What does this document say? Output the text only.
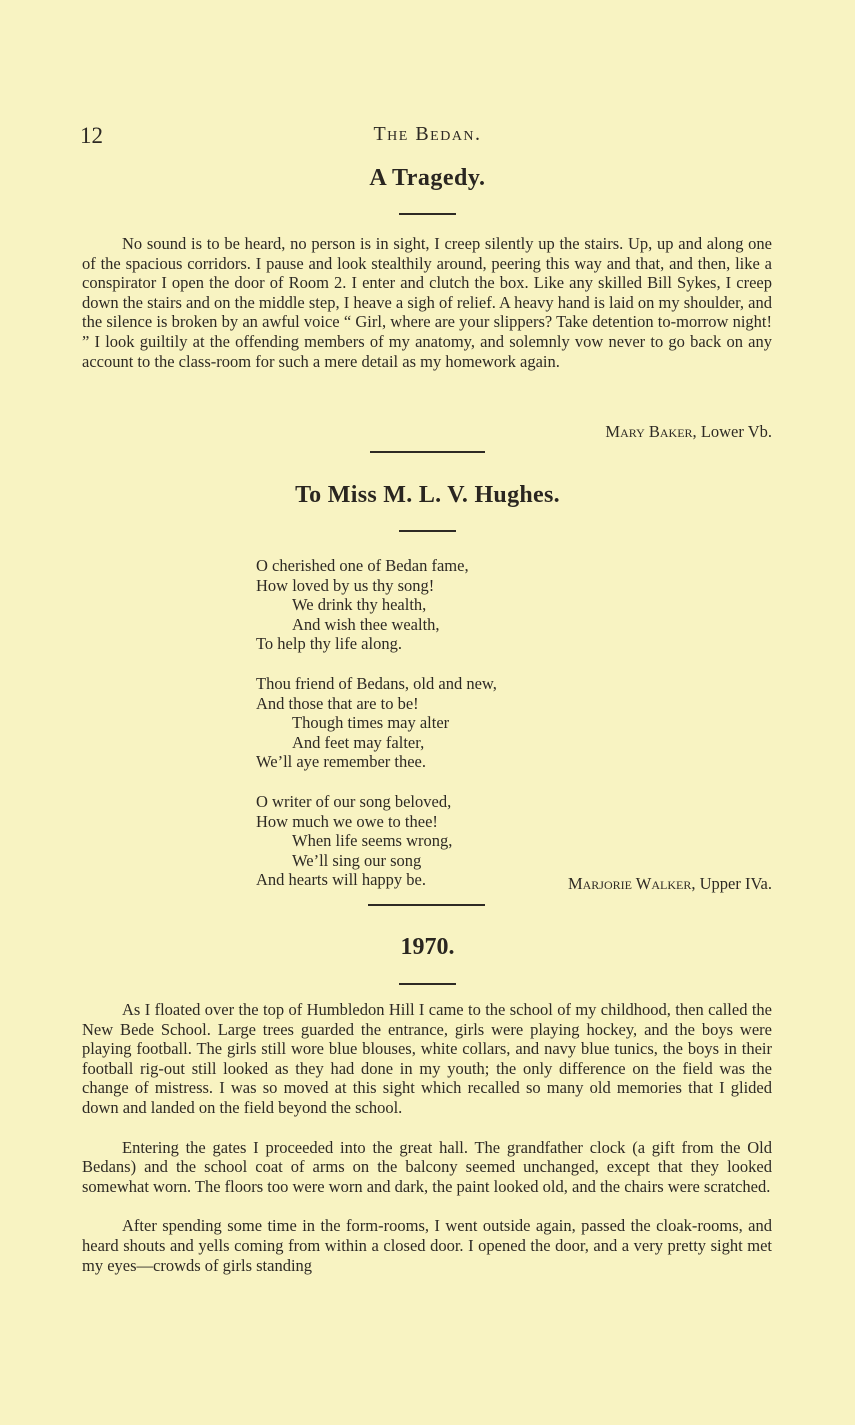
12	The Bedan.
A Tragedy.

No sound is to be heard, no person is in sight, I creep silently up the stairs. Up, up and along one of the spacious corridors. I pause and look stealthily around, peering this way and that, and then, like a conspirator I open the door of Room 2. I enter and clutch the box. Like any skilled Bill Sykes, I creep down the stairs and on the middle step, I heave a sigh of relief. A heavy hand is laid on my shoulder, and the silence is broken by an awful voice “ Girl, where are your slippers? Take detention to-morrow night! ” I look guiltily at the offending members of my anatomy, and solemnly vow never to go back on any account to the class-room for such a mere detail as my homework again.

Mary Baker, Lower Vb.
To Miss M. L. V. Hughes.
O cherished one of Bedan fame,
How loved by us thy song!
We drink thy health,
And wish thee wealth,
To help thy life along.
Thou friend of Bedans, old and new,
And those that are to be!
Though times may alter
And feet may falter,
We’ll aye remember thee.
O writer of our song beloved,
How much we owe to thee!
When life seems wrong,
We’ll sing our song
And hearts will happy be.	Marjorie Walker, Upper IVa.
1970.

As I floated over the top of Humbledon Hill I came to the school of my childhood, then called the New Bede School. Large trees guarded the entrance, girls were playing hockey, and the boys were playing football. The girls still wore blue blouses, white collars, and navy blue tunics, the boys in their football rig-out still looked as they had done in my youth; the only difference on the field was the change of mistress. I was so moved at this sight which recalled so many old memories that I glided down and landed on the field beyond the school.

Entering the gates I proceeded into the great hall. The grandfather clock (a gift from the Old Bedans) and the school coat of arms on the balcony seemed unchanged, except that they looked somewhat worn. The floors too were worn and dark, the paint looked old, and the chairs were scratched.

After spending some time in the form-rooms, I went outside again, passed the cloak-rooms, and heard shouts and yells coming from within a closed door. I opened the door, and a very pretty sight met my eyes—crowds of girls standing
